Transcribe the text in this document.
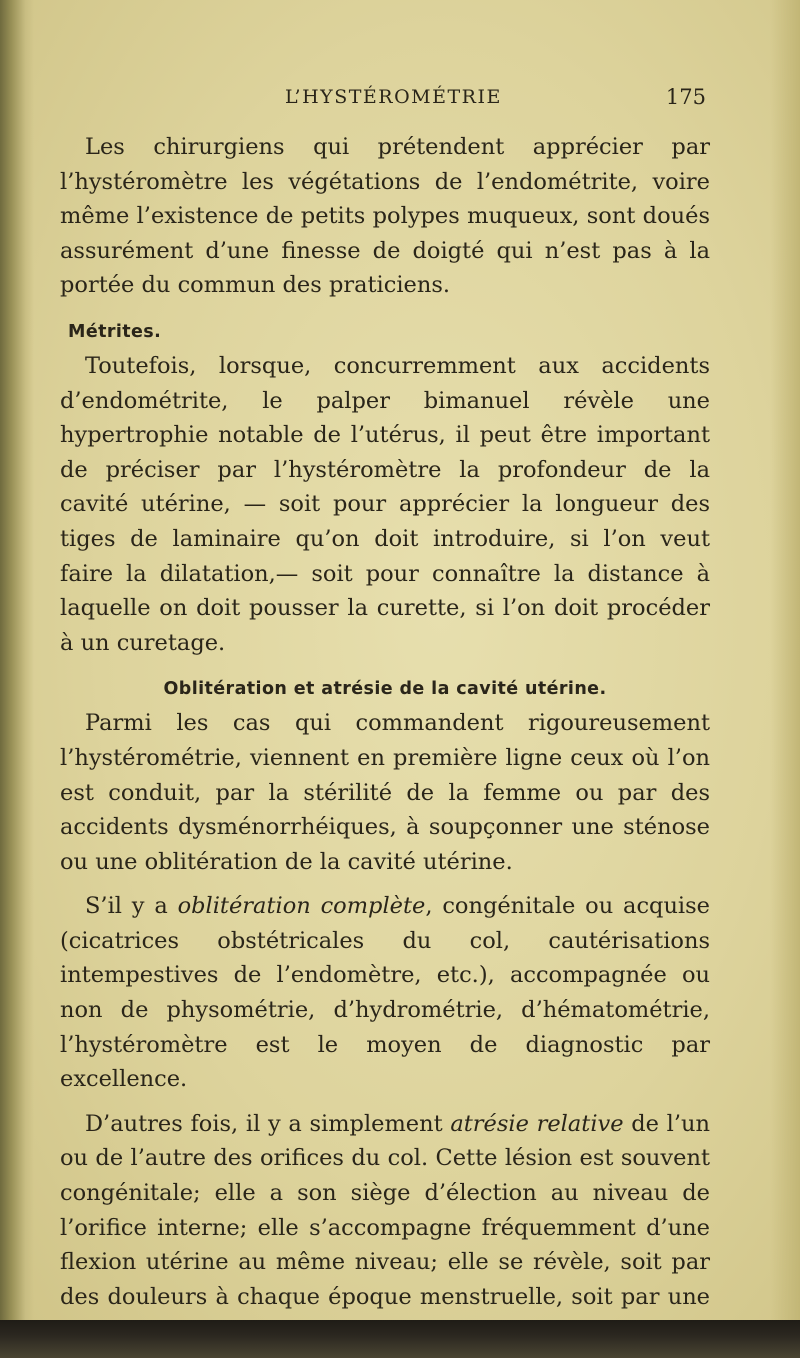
L’HYSTÉROMÉTRIE	175

Les chirurgiens qui prétendent apprécier par l’hystéromètre les végétations de l’endométrite, voire même l’existence de petits polypes muqueux, sont doués assurément d’une finesse de doigté qui n’est pas à la portée du commun des praticiens.

Métrites.

Toutefois, lorsque, concurremment aux accidents d’endométrite, le palper bimanuel révèle une hypertrophie notable de l’utérus, il peut être important de préciser par l’hystéromètre la profondeur de la cavité utérine, — soit pour apprécier la longueur des tiges de laminaire qu’on doit introduire, si l’on veut faire la dilatation,— soit pour connaître la distance à laquelle on doit pousser la curette, si l’on doit procéder à un curetage.

Oblitération et atrésie de la cavité utérine.

Parmi les cas qui commandent rigoureusement l’hystérométrie, viennent en première ligne ceux où l’on est conduit, par la stérilité de la femme ou par des accidents dysménorrhéiques, à soupçonner une sténose ou une oblitération de la cavité utérine.

S’il y a oblitération complète, congénitale ou acquise (cicatrices obstétricales du col, cautérisations intempestives de l’endomètre, etc.), accompagnée ou non de physométrie, d’hydrométrie, d’hématométrie, l’hystéromètre est le moyen de diagnostic par excellence.

D’autres fois, il y a simplement atrésie relative de l’un ou de l’autre des orifices du col. Cette lésion est souvent congénitale; elle a son siège d’élection au niveau de l’orifice interne; elle s’accompagne fréquemment d’une flexion utérine au même niveau; elle se révèle, soit par des douleurs à chaque époque menstruelle, soit par une
